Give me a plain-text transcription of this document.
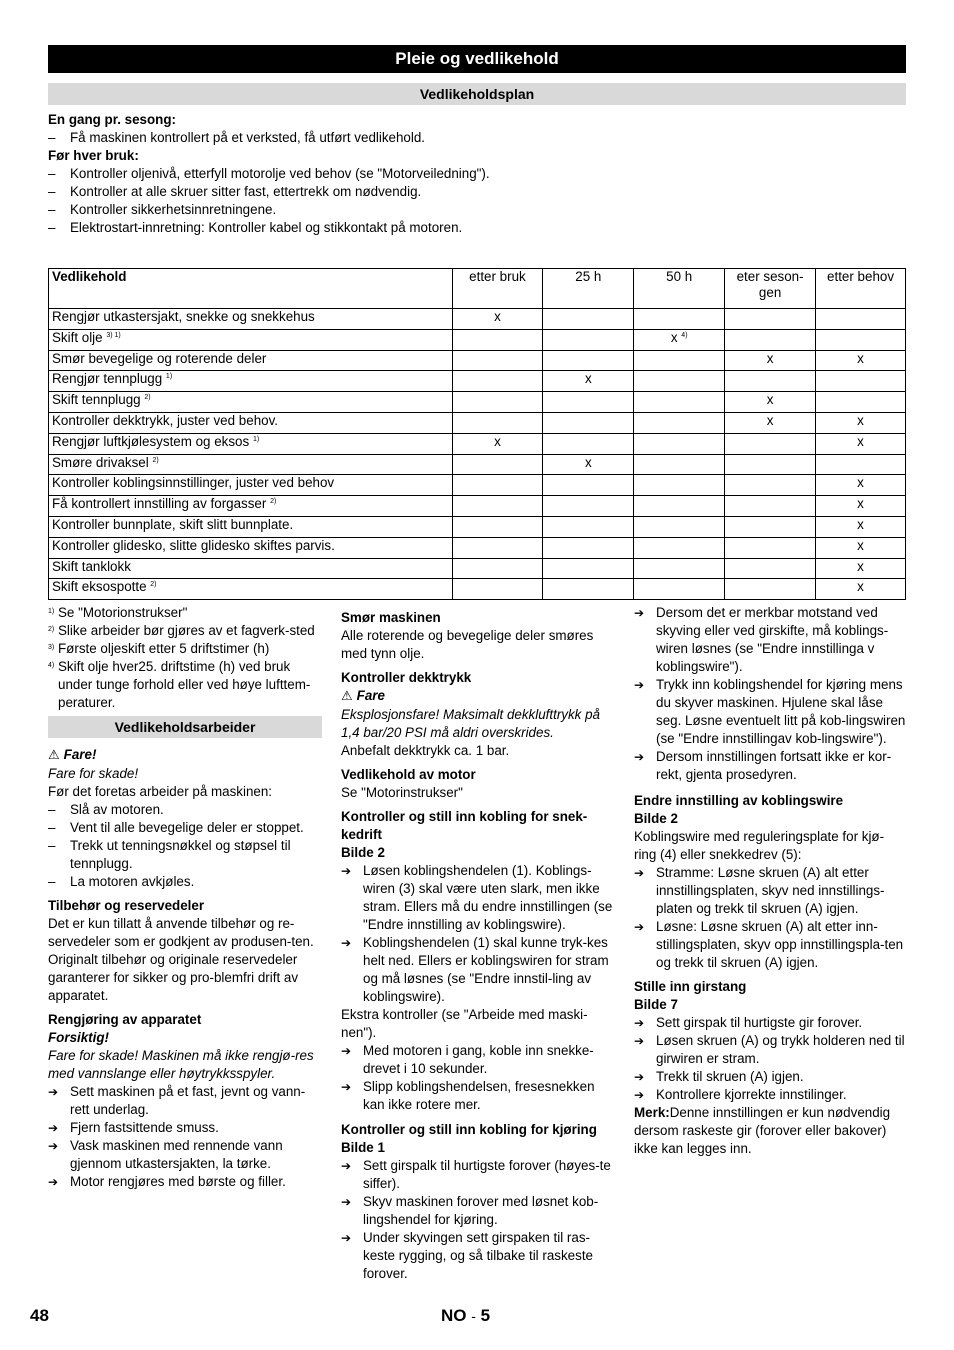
Pleie og vedlikehold
Vedlikeholdsplan
En gang pr. sesong:
– Få maskinen kontrollert på et verksted, få utført vedlikehold.
Før hver bruk:
– Kontroller oljenivå, etterfyll motorolje ved behov (se "Motorveiledning").
– Kontroller at alle skruer sitter fast, ettertrekk om nødvendig.
– Kontroller sikkerhetsinnretningene.
– Elektrostart-innretning: Kontroller kabel og stikkontakt på motoren.
Vedlikehold	etter bruk	25 h	50 h	eter seson-gen	etter behov
Rengjør utkastersjakt, snekke og snekkehus	x				
Skift olje $^{3) 1)}$			x $^{4)}$		
Smør bevegelige og roterende deler				x	x
Rengjør tennplugg $^{1)}$		x			
Skift tennplugg $^{2)}$				x	
Kontroller dekktrykk, juster ved behov.				x	x
Rengjør luftkjølesystem og eksos $^{1)}$	x				x
Smøre drivaksel $^{2)}$		x			
Kontroller koblingsinnstillinger, juster ved behov					x
Få kontrollert innstilling av forgasser $^{2)}$					x
Kontroller bunnplate, skift slitt bunnplate.					x
Kontroller glidesko, slitte glidesko skiftes parvis.					x
Skift tanklokk					x
Skift eksospotte $^{2)}$					x
1) Se "Motorionstrukser"
2) Slike arbeider bør gjøres av et fagverk-sted
3) Første oljeskift etter 5 driftstimer (h)
4) Skift olje hver25. driftstime (h) ved bruk under tunge forhold eller ved høye lufttem-peraturer.
Vedlikeholdsarbeider
⚠ Fare!
Fare for skade!
Før det foretas arbeider på maskinen:
– Slå av motoren.
– Vent til alle bevegelige deler er stoppet.
– Trekk ut tenningsnøkkel og støpsel til tennplugg.
– La motoren avkjøles.
Tilbehør og reservedeler
Det er kun tillatt å anvende tilbehør og re-servedeler som er godkjent av produsen-ten. Originalt tilbehør og originale reservedeler garanterer for sikker og pro-blemfri drift av apparatet.
Rengjøring av apparatet
Forsiktig!
Fare for skade! Maskinen må ikke rengjø-res med vannslange eller høytrykksspyler.
➔ Sett maskinen på et fast, jevnt og vann-rett underlag.
➔ Fjern fastsittende smuss.
➔ Vask maskinen med rennende vann gjennom utkastersjakten, la tørke.
➔ Motor rengjøres med børste og filler.
Smør maskinen
Alle roterende og bevegelige deler smøres med tynn olje.
Kontroller dekktrykk
⚠ Fare
Eksplosjonsfare! Maksimalt dekklufttrykk på 1,4 bar/20 PSI må aldri overskrides.
Anbefalt dekktrykk ca. 1 bar.
Vedlikehold av motor
Se "Motorinstrukser"
Kontroller og still inn kobling for snek-kedrift
Bilde 2
➔ Løsen koblingshendelen (1). Koblings-wiren (3) skal være uten slark, men ikke stram. Ellers må du endre innstillingen (se "Endre innstilling av koblingswire).
➔ Koblingshendelen (1) skal kunne tryk-kes helt ned. Ellers er koblingswiren for stram og må løsnes (se "Endre innstil-ling av koblingswire).
Ekstra kontroller (se "Arbeide med maski-nen").
➔ Med motoren i gang, koble inn snekke-drevet i 10 sekunder.
➔ Slipp koblingshendelsen, fresesnekken kan ikke rotere mer.
Kontroller og still inn kobling for kjøring
Bilde 1
➔ Sett girspalk til hurtigste forover (høyes-te siffer).
➔ Skyv maskinen forover med løsnet kob-lingshendel for kjøring.
➔ Under skyvingen sett girspaken til ras-keste rygging, og så tilbake til raskeste forover.
➔ Dersom det er merkbar motstand ved skyving eller ved girskifte, må koblings-wiren løsnes (se "Endre innstillinga v koblingswire").
➔ Trykk inn koblingshendel for kjøring mens du skyver maskinen. Hjulene skal låse seg. Løsne eventuelt litt på kob-lingswiren (se "Endre innstillingav kob-lingswire").
➔ Dersom innstillingen fortsatt ikke er kor-rekt, gjenta prosedyren.
Endre innstilling av koblingswire
Bilde 2
Koblingswire med reguleringsplate for kjø-ring (4) eller snekkedrev (5):
➔ Stramme: Løsne skruen (A) alt etter innstillingsplaten, skyv ned innstillings-platen og trekk til skruen (A) igjen.
➔ Løsne: Løsne skruen (A) alt etter inn-stillingsplaten, skyv opp innstillingspla-ten og trekk til skruen (A) igjen.
Stille inn girstang
Bilde 7
➔ Sett girspak til hurtigste gir forover.
➔ Løsen skruen (A) og trykk holderen ned til girwiren er stram.
➔ Trekk til skruen (A) igjen.
➔ Kontrollere kjorrekte innstilinger.
Merk:Denne innstillingen er kun nødvendig dersom raskeste gir (forover eller bakover) ikke kan legges inn.
48	NO - 5
